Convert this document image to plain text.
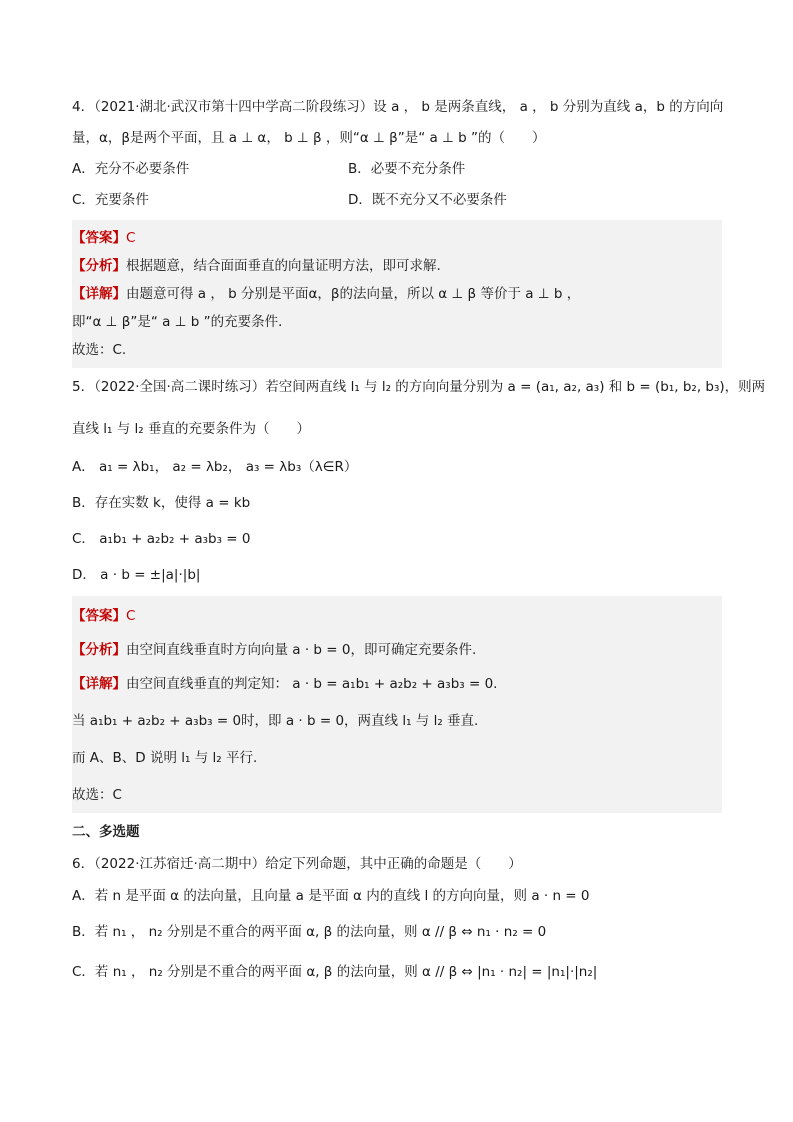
4．（2021·湖北·武汉市第十四中学高二阶段练习）设 a ， b 是两条直线， a ， b 分别为直线 a，b 的方向向
量，α，β是两个平面，且 a ⊥ α， b ⊥ β ，则“α ⊥ β”是“ a ⊥ b ”的（　　）
A．充分不必要条件	B．必要不充分条件
C．充要条件	D．既不充分又不必要条件
【答案】C
【分析】根据题意，结合面面垂直的向量证明方法，即可求解.
【详解】由题意可得 a ， b 分别是平面α，β的法向量，所以 α ⊥ β 等价于 a ⊥ b ，
即“α ⊥ β”是“ a ⊥ b ”的充要条件．
故选：C.
5．（2022·全国·高二课时练习）若空间两直线 l₁ 与 l₂ 的方向向量分别为 a = (a₁, a₂, a₃) 和 b = (b₁, b₂, b₃)，则两
直线 l₁ 与 l₂ 垂直的充要条件为（　　）
A． a₁ = λb₁， a₂ = λb₂， a₃ = λb₃（λ∈R）
B．存在实数 k，使得 a = kb
C． a₁b₁ + a₂b₂ + a₃b₃ = 0
D． a · b = ±|a|·|b|
【答案】C
【分析】由空间直线垂直时方向向量 a · b = 0，即可确定充要条件.
【详解】由空间直线垂直的判定知： a · b = a₁b₁ + a₂b₂ + a₃b₃ = 0.
当 a₁b₁ + a₂b₂ + a₃b₃ = 0时，即 a · b = 0，两直线 l₁ 与 l₂ 垂直.
而 A、B、D 说明 l₁ 与 l₂ 平行.
故选：C
二、多选题
6．（2022·江苏宿迁·高二期中）给定下列命题，其中正确的命题是（　　）
A．若 n 是平面 α 的法向量，且向量 a 是平面 α 内的直线 l 的方向向量，则 a · n = 0
B．若 n₁ ， n₂ 分别是不重合的两平面 α, β 的法向量，则 α // β ⇔ n₁ · n₂ = 0
C．若 n₁ ， n₂ 分别是不重合的两平面 α, β 的法向量，则 α // β ⇔ |n₁ · n₂| = |n₁|·|n₂|
